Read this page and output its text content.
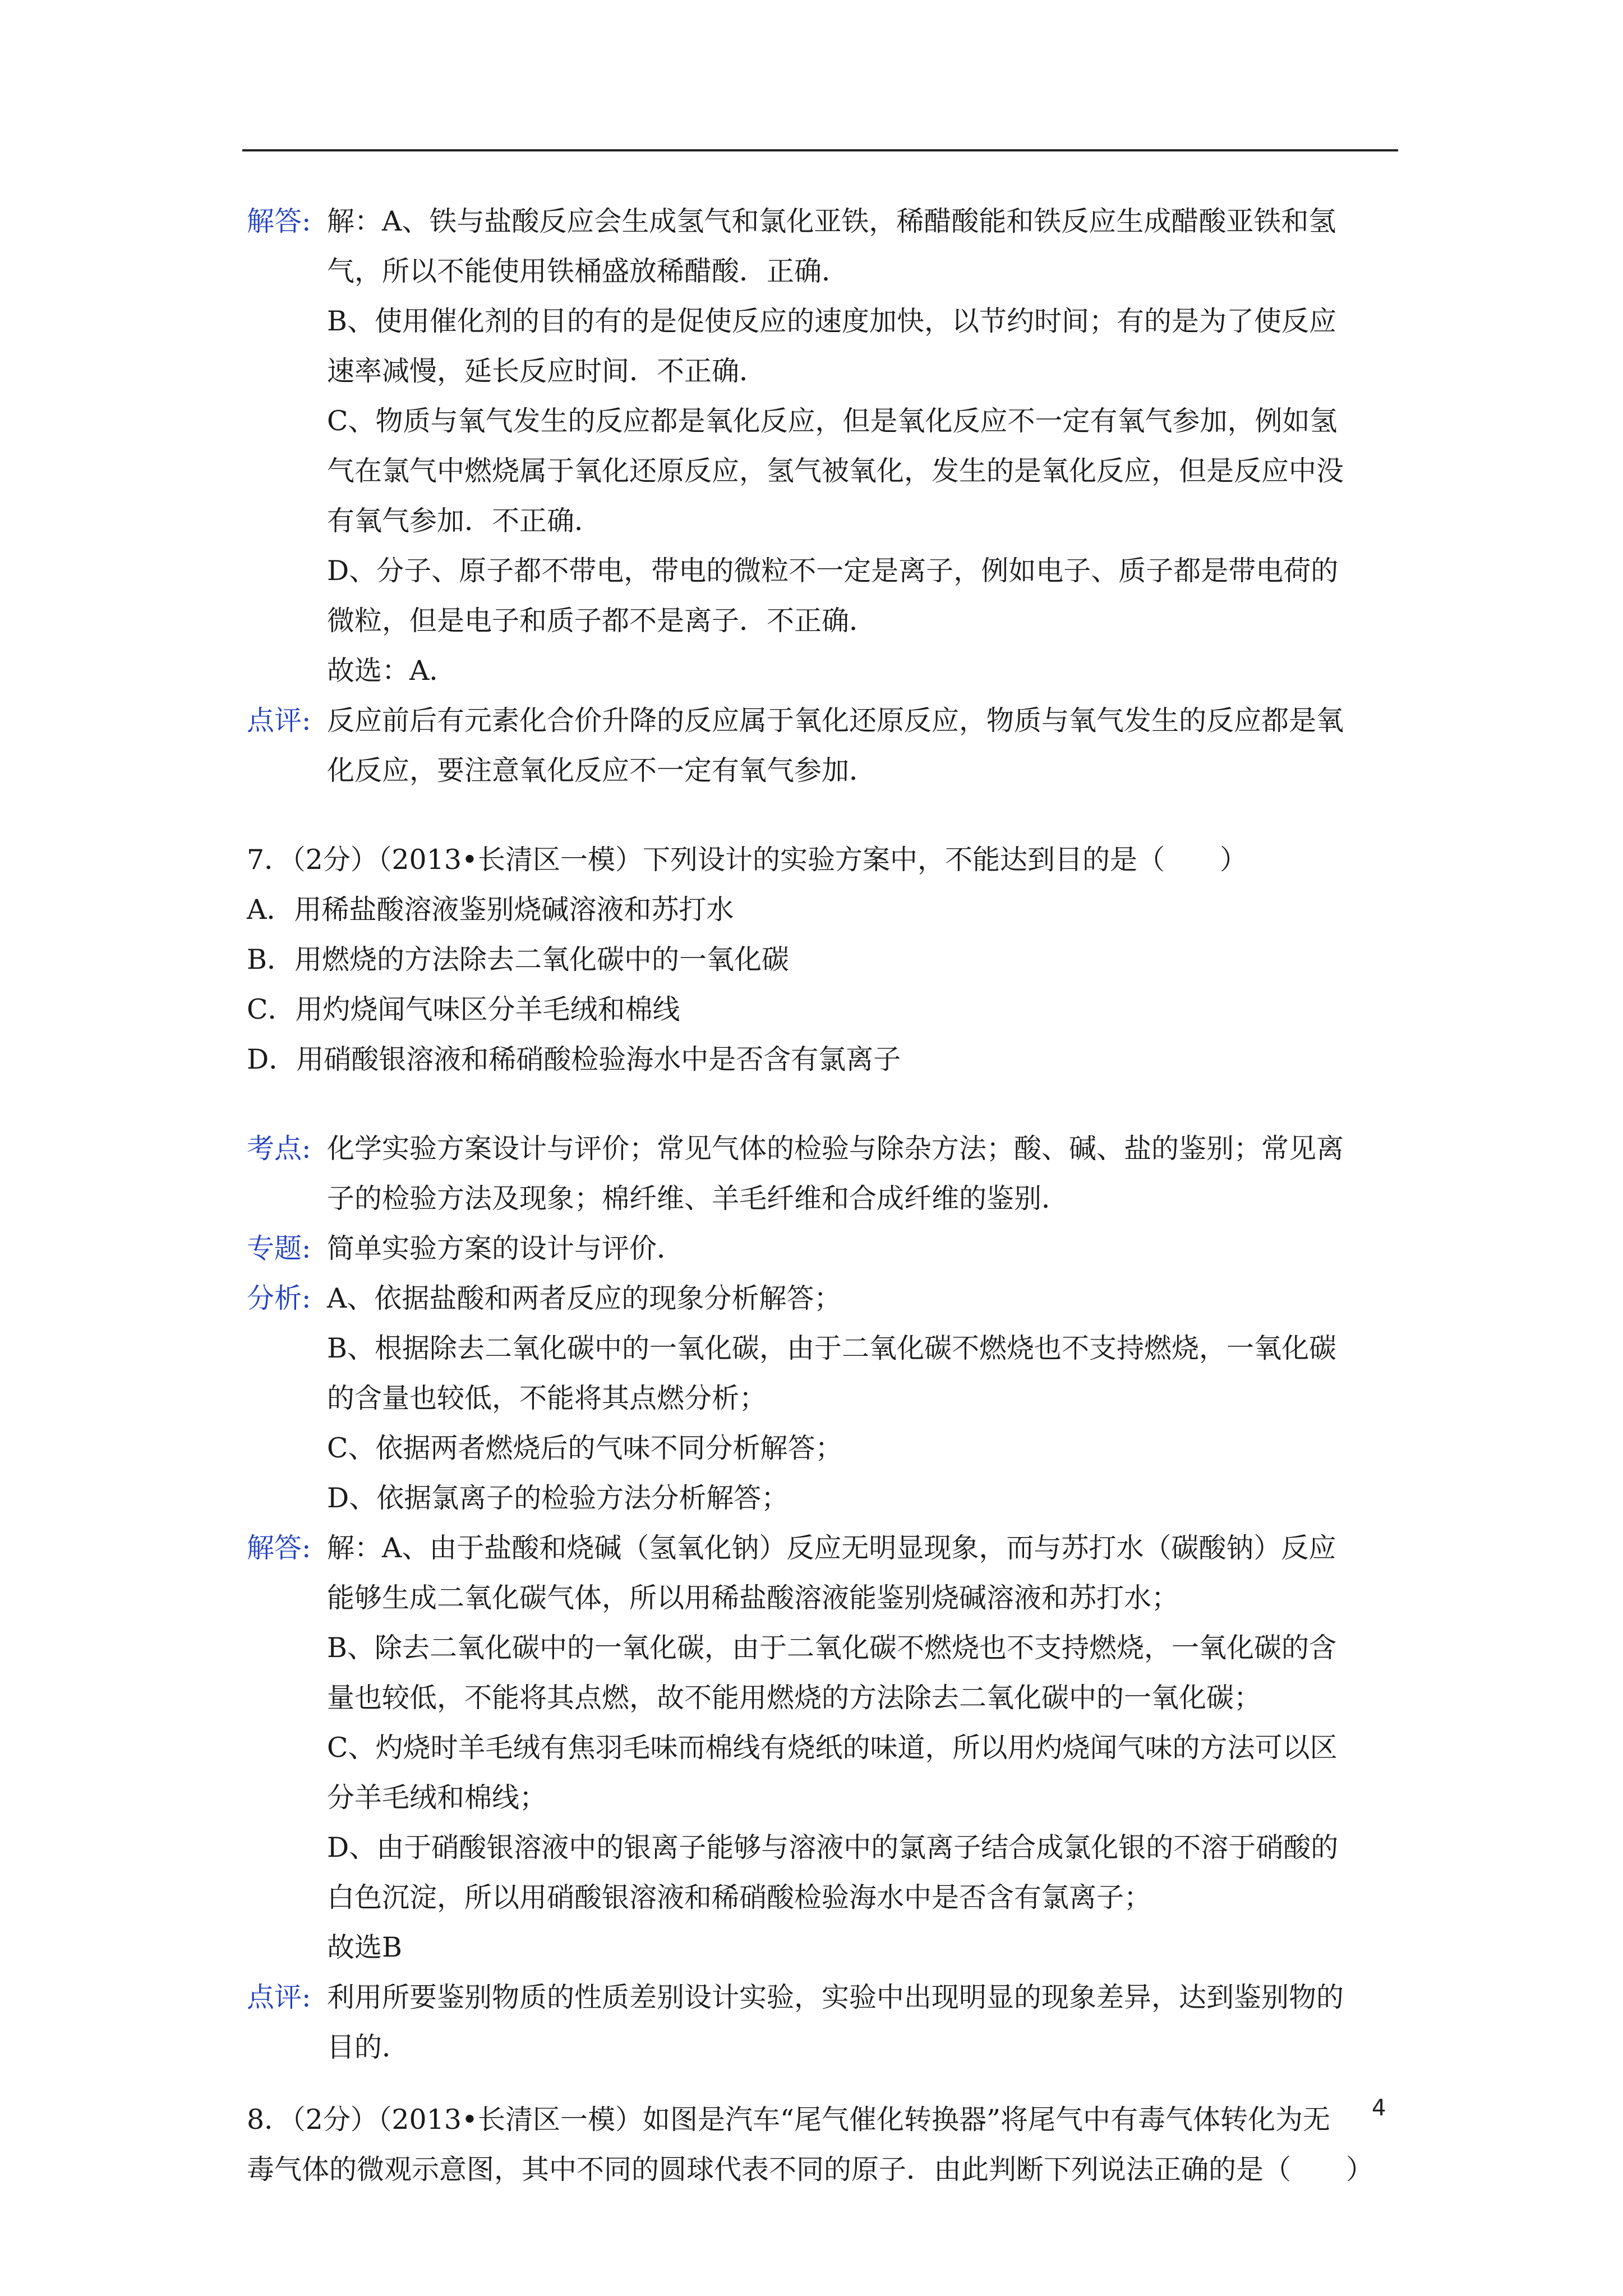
解答: 解：A、铁与盐酸反应会生成氢气和氯化亚铁，稀醋酸能和铁反应生成醋酸亚铁和氢

气，所以不能使用铁桶盛放稀醋酸．正确．

B、使用催化剂的目的有的是促使反应的速度加快，以节约时间；有的是为了使反应

速率减慢，延长反应时间．不正确．

C、物质与氧气发生的反应都是氧化反应，但是氧化反应不一定有氧气参加，例如氢

气在氯气中燃烧属于氧化还原反应，氢气被氧化，发生的是氧化反应，但是反应中没

有氧气参加．不正确．

D、分子、原子都不带电，带电的微粒不一定是离子，例如电子、质子都是带电荷的

微粒，但是电子和质子都不是离子．不正确．

故选：A．

点评: 反应前后有元素化合价升降的反应属于氧化还原反应，物质与氧气发生的反应都是氧

化反应，要注意氧化反应不一定有氧气参加．

7．（2分）（2013•长清区一模）下列设计的实验方案中，不能达到目的是（　　）

A．用稀盐酸溶液鉴别烧碱溶液和苏打水

B．用燃烧的方法除去二氧化碳中的一氧化碳

C．用灼烧闻气味区分羊毛绒和棉线

D．用硝酸银溶液和稀硝酸检验海水中是否含有氯离子

考点: 化学实验方案设计与评价；常见气体的检验与除杂方法；酸、碱、盐的鉴别；常见离

子的检验方法及现象；棉纤维、羊毛纤维和合成纤维的鉴别．

专题: 简单实验方案的设计与评价．

分析: A、依据盐酸和两者反应的现象分析解答；

B、根据除去二氧化碳中的一氧化碳，由于二氧化碳不燃烧也不支持燃烧，一氧化碳

的含量也较低，不能将其点燃分析；

C、依据两者燃烧后的气味不同分析解答；

D、依据氯离子的检验方法分析解答；

解答: 解：A、由于盐酸和烧碱（氢氧化钠）反应无明显现象，而与苏打水（碳酸钠）反应

能够生成二氧化碳气体，所以用稀盐酸溶液能鉴别烧碱溶液和苏打水；

B、除去二氧化碳中的一氧化碳，由于二氧化碳不燃烧也不支持燃烧，一氧化碳的含

量也较低，不能将其点燃，故不能用燃烧的方法除去二氧化碳中的一氧化碳；

C、灼烧时羊毛绒有焦羽毛味而棉线有烧纸的味道，所以用灼烧闻气味的方法可以区

分羊毛绒和棉线；

D、由于硝酸银溶液中的银离子能够与溶液中的氯离子结合成氯化银的不溶于硝酸的

白色沉淀，所以用硝酸银溶液和稀硝酸检验海水中是否含有氯离子；

故选B

点评: 利用所要鉴别物质的性质差别设计实验，实验中出现明显的现象差异，达到鉴别物的

目的．

8．（2分）（2013•长清区一模）如图是汽车“尾气催化转换器”将尾气中有毒气体转化为无

毒气体的微观示意图，其中不同的圆球代表不同的原子．由此判断下列说法正确的是（　　）

4
